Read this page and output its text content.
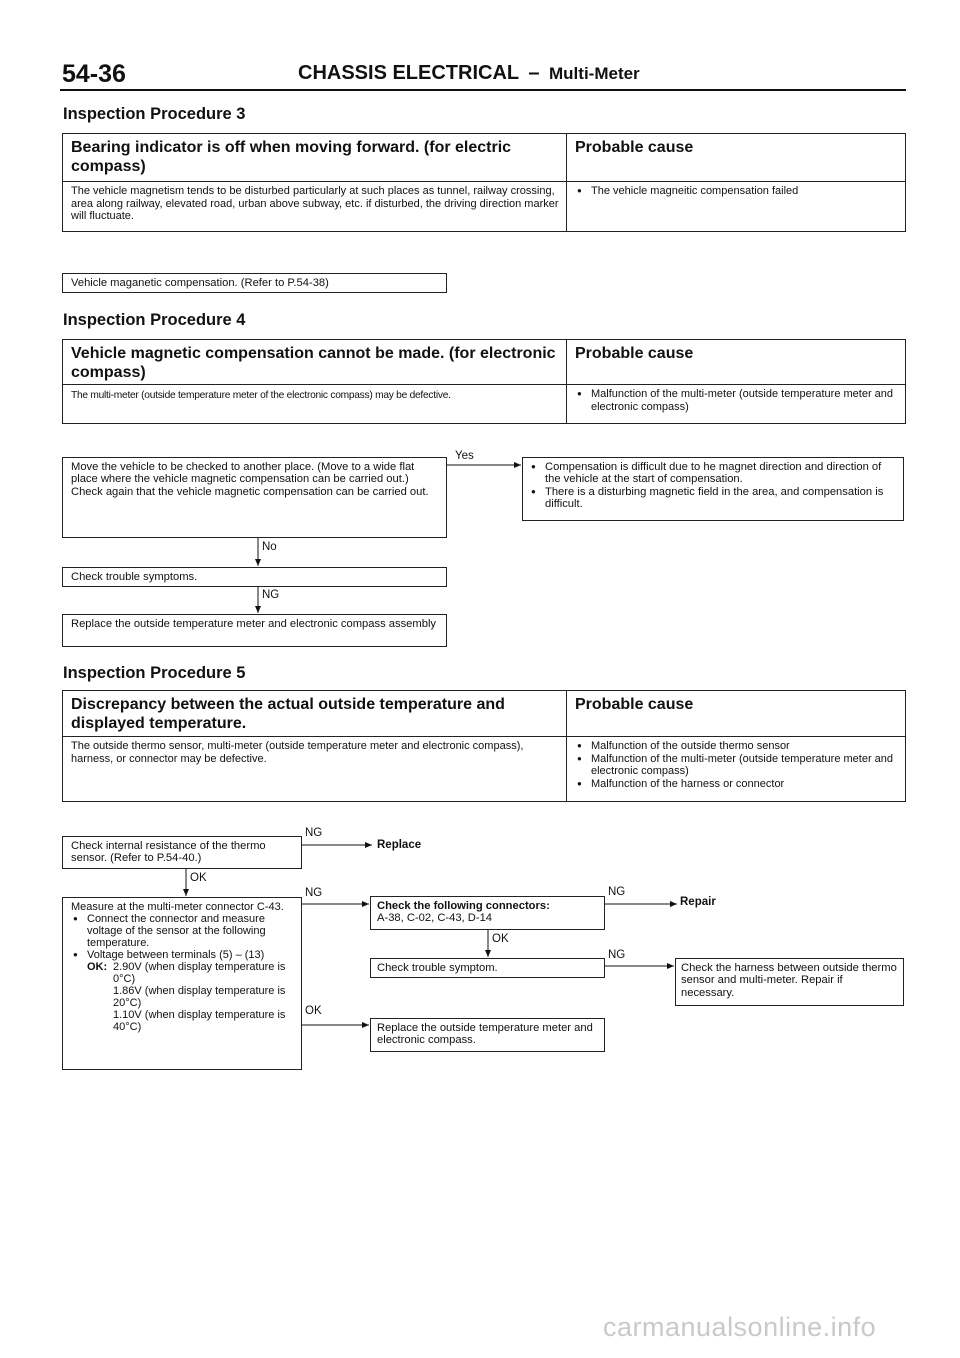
54-36	CHASSIS ELECTRICAL – Multi-Meter
Inspection Procedure 3
Bearing indicator is off when moving forward. (for electric compass)
Probable cause
The vehicle magnetism tends to be disturbed particularly at such places as tunnel, railway crossing, area along railway, elevated road, urban above subway, etc. if disturbed, the driving direction marker will fluctuate.
● The vehicle magneitic compensation failed
Vehicle maganetic compensation. (Refer to P.54-38)
Inspection Procedure 4
Vehicle magnetic compensation cannot be made. (for electronic compass)
Probable cause
The multi-meter (outside temperature meter of the electronic compass) may be defective.
●	Malfunction of the multi-meter (outside temperature meter and electronic compass)
Move the vehicle to be checked to another place. (Move to a wide flat place where the vehicle magnetic compensation can be carried out.) Check again that the vehicle magnetic compensation can be carried out.
Yes
● Compensation is difficult due to he magnet direction and direction of the vehicle at the start of compensation.
● There is a disturbing magnetic field in the area, and compensation is difficult.
No
Check trouble symptoms.
NG
Replace the outside temperature meter and electronic compass assembly
Inspection Procedure 5
Discrepancy between the actual outside temperature and displayed temperature.
Probable cause
The outside thermo sensor, multi-meter (outside temperature meter and electronic compass), harness, or connector may be defective.
● Malfunction of the outside thermo sensor
● Malfunction of the multi-meter (outside temperature meter and electronic compass)
● Malfunction of the harness or connector
Check internal resistance of the thermo sensor. (Refer to P.54-40.)
NG
Replace
OK
Measure at the multi-meter connector C-43.
● Connect the connector and measure voltage of the sensor at the following temperature.
● Voltage between terminals (5) – (13)
OK: 2.90V (when display temperature is 0°C)
1.86V (when display temperature is 20°C)
1.10V (when display temperature is 40°C)
NG
OK
Check the following connectors:
A-38, C-02, C-43, D-14
NG
Repair
OK
Check trouble symptom.
NG
Check the harness between outside thermo sensor and multi-meter. Repair if necessary.
Replace the outside temperature meter and electronic compass.
carmanualsonline.info
